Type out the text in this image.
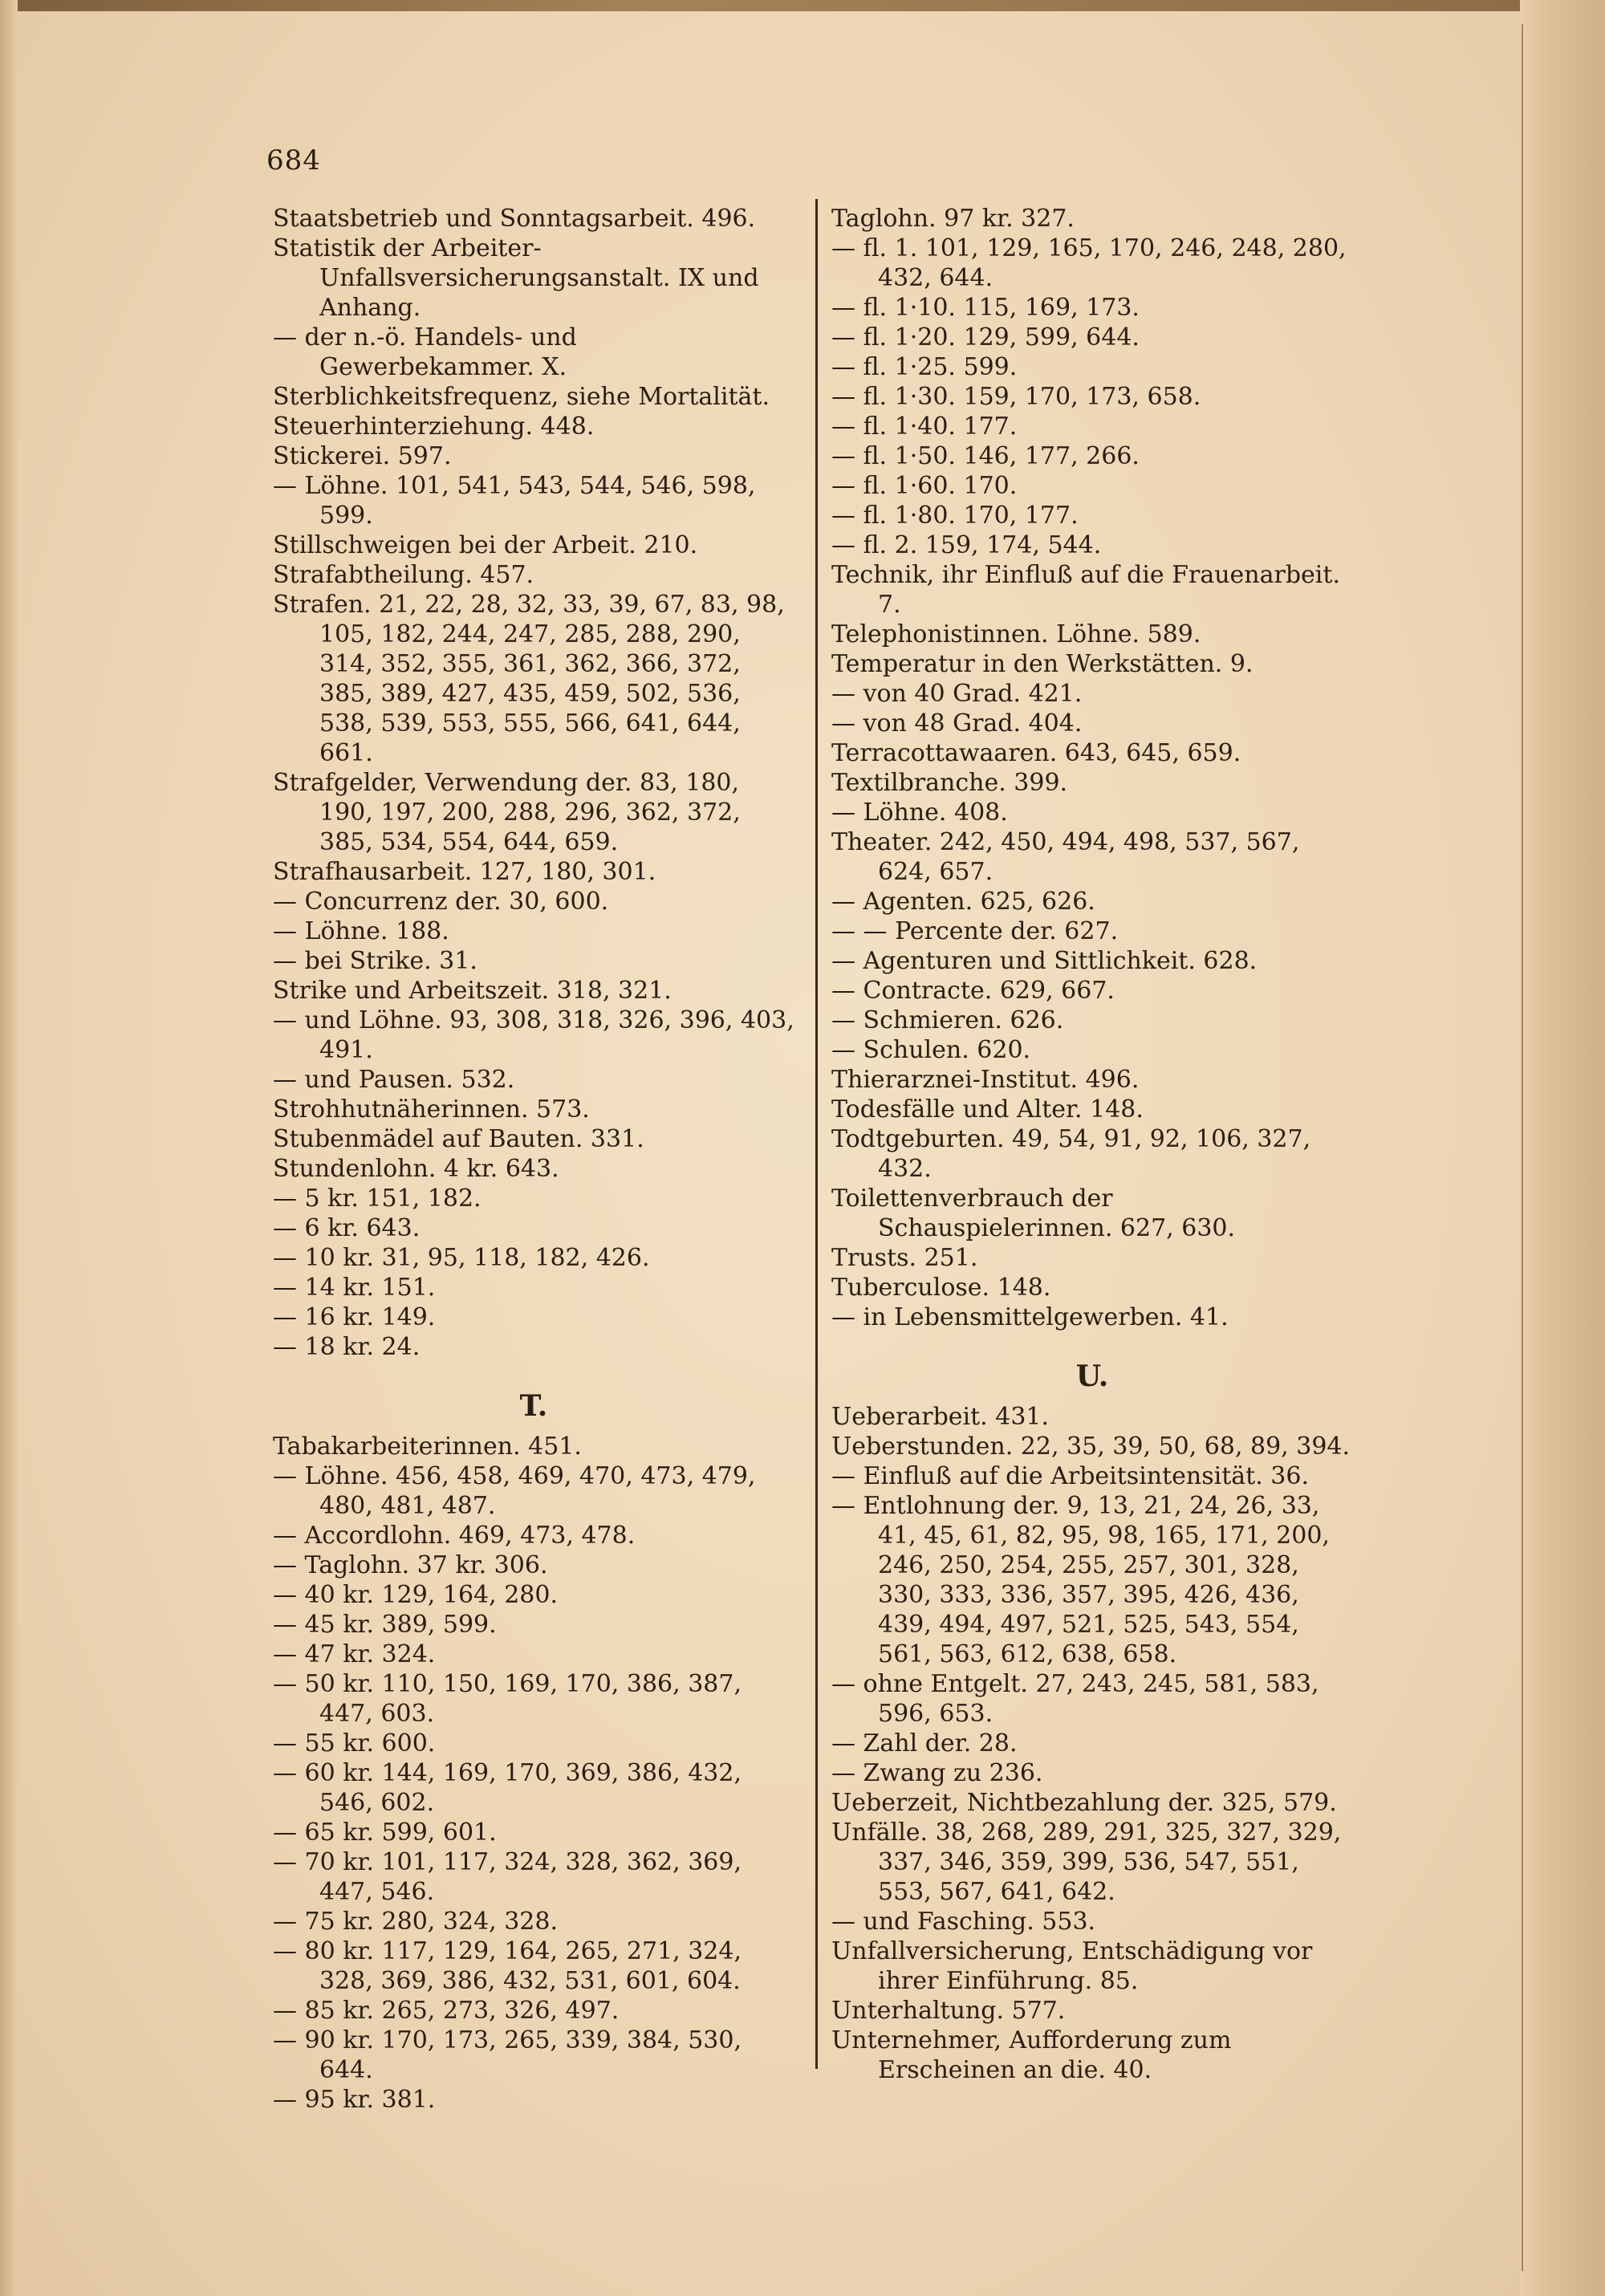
684

Staatsbetrieb und Sonntagsarbeit. 496.
Statistik der Arbeiter-Unfallsversicherungsanstalt. IX und Anhang.
— der n.-ö. Handels- und Gewerbekammer. X.
Sterblichkeitsfrequenz, siehe Mortalität.
Steuerhinterziehung. 448.
Stickerei. 597.
— Löhne. 101, 541, 543, 544, 546, 598, 599.
Stillschweigen bei der Arbeit. 210.
Strafabtheilung. 457.
Strafen. 21, 22, 28, 32, 33, 39, 67, 83, 98, 105, 182, 244, 247, 285, 288, 290, 314, 352, 355, 361, 362, 366, 372, 385, 389, 427, 435, 459, 502, 536, 538, 539, 553, 555, 566, 641, 644, 661.
Strafgelder, Verwendung der. 83, 180, 190, 197, 200, 288, 296, 362, 372, 385, 534, 554, 644, 659.
Strafhausarbeit. 127, 180, 301.
— Concurrenz der. 30, 600.
— Löhne. 188.
— bei Strike. 31.
Strike und Arbeitszeit. 318, 321.
— und Löhne. 93, 308, 318, 326, 396, 403, 491.
— und Pausen. 532.
Strohhutnäherinnen. 573.
Stubenmädel auf Bauten. 331.
Stundenlohn. 4 kr. 643.
— 5 kr. 151, 182.
— 6 kr. 643.
— 10 kr. 31, 95, 118, 182, 426.
— 14 kr. 151.
— 16 kr. 149.
— 18 kr. 24.
T.
Tabakarbeiterinnen. 451.
— Löhne. 456, 458, 469, 470, 473, 479, 480, 481, 487.
— Accordlohn. 469, 473, 478.
— Taglohn. 37 kr. 306.
— 40 kr. 129, 164, 280.
— 45 kr. 389, 599.
— 47 kr. 324.
— 50 kr. 110, 150, 169, 170, 386, 387, 447, 603.
— 55 kr. 600.
— 60 kr. 144, 169, 170, 369, 386, 432, 546, 602.
— 65 kr. 599, 601.
— 70 kr. 101, 117, 324, 328, 362, 369, 447, 546.
— 75 kr. 280, 324, 328.
— 80 kr. 117, 129, 164, 265, 271, 324, 328, 369, 386, 432, 531, 601, 604.
— 85 kr. 265, 273, 326, 497.
— 90 kr. 170, 173, 265, 339, 384, 530, 644.
— 95 kr. 381.
Taglohn. 97 kr. 327.
— fl. 1. 101, 129, 165, 170, 246, 248, 280, 432, 644.
— fl. 1·10. 115, 169, 173.
— fl. 1·20. 129, 599, 644.
— fl. 1·25. 599.
— fl. 1·30. 159, 170, 173, 658.
— fl. 1·40. 177.
— fl. 1·50. 146, 177, 266.
— fl. 1·60. 170.
— fl. 1·80. 170, 177.
— fl. 2. 159, 174, 544.
Technik, ihr Einfluß auf die Frauenarbeit. 7.
Telephonistinnen. Löhne. 589.
Temperatur in den Werkstätten. 9.
— von 40 Grad. 421.
— von 48 Grad. 404.
Terracottawaaren. 643, 645, 659.
Textilbranche. 399.
— Löhne. 408.
Theater. 242, 450, 494, 498, 537, 567, 624, 657.
— Agenten. 625, 626.
— — Percente der. 627.
— Agenturen und Sittlichkeit. 628.
— Contracte. 629, 667.
— Schmieren. 626.
— Schulen. 620.
Thierarznei-Institut. 496.
Todesfälle und Alter. 148.
Todtgeburten. 49, 54, 91, 92, 106, 327, 432.
Toilettenverbrauch der Schauspielerinnen. 627, 630.
Trusts. 251.
Tuberculose. 148.
— in Lebensmittelgewerben. 41.
U.
Ueberarbeit. 431.
Ueberstunden. 22, 35, 39, 50, 68, 89, 394.
— Einfluß auf die Arbeitsintensität. 36.
— Entlohnung der. 9, 13, 21, 24, 26, 33, 41, 45, 61, 82, 95, 98, 165, 171, 200, 246, 250, 254, 255, 257, 301, 328, 330, 333, 336, 357, 395, 426, 436, 439, 494, 497, 521, 525, 543, 554, 561, 563, 612, 638, 658.
— ohne Entgelt. 27, 243, 245, 581, 583, 596, 653.
— Zahl der. 28.
— Zwang zu 236.
Ueberzeit, Nichtbezahlung der. 325, 579.
Unfälle. 38, 268, 289, 291, 325, 327, 329, 337, 346, 359, 399, 536, 547, 551, 553, 567, 641, 642.
— und Fasching. 553.
Unfallversicherung, Entschädigung vor ihrer Einführung. 85.
Unterhaltung. 577.
Unternehmer, Aufforderung zum Erscheinen an die. 40.
